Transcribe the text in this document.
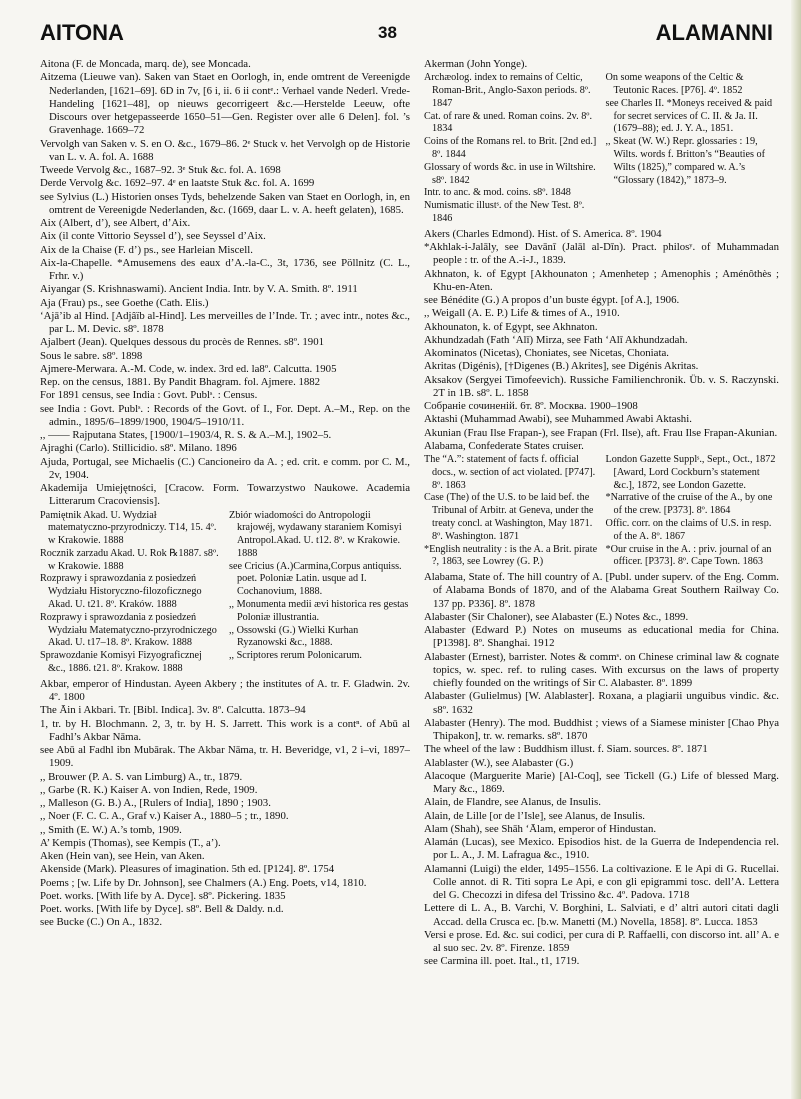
AITONA	38	ALAMANNI

Aitona (F. de Moncada, marq. de), see Moncada.

Aitzema (Lieuwe van). Saken van Staet en Oorlogh, in, ende omtrent de Vereenigde Nederlanden, [1621–69]. 6D in 7v, [6 i, ii. 6 ii contᵉ.: Verhael vande Nederl. Vrede-Handeling [1621–48], op nieuws gecorrigeert &c.—Herstelde Leeuw, ofte Discours over hetgepasseerde 1650–51—Gen. Register over alle 6 Delen]. fol. ’s Gravenhage. 1669–72

Vervolgh van Saken v. S. en O. &c., 1679–86. 2ᵉ Stuck v. het Vervolgh op de Historie van L. v. A. fol. A. 1688

Tweede Vervolg &c., 1687–92. 3ᵉ Stuk &c. fol. A. 1698

Derde Vervolg &c. 1692–97. 4ᵉ en laatste Stuk &c. fol. A. 1699

see Sylvius (L.) Historien onses Tyds, behelzende Saken van Staet en Oorlogh, in, en omtrent de Vereenigde Nederlanden, &c. (1669, daar L. v. A. heeft gelaten), 1685.

Aix (Albert, d’), see Albert, d’Aix.

Aix (il conte Vittorio Seyssel d’), see Seyssel d’Aix.

Aix de la Chaise (F. d’) ps., see Harleian Miscell.

Aix-la-Chapelle. *Amusemens des eaux d’A.-la-C., 3t, 1736, see Pöllnitz (C. L., Frhr. v.)

Aiyangar (S. Krishnaswami). Ancient India. Intr. by V. A. Smith. 8º. 1911

Aja (Frau) ps., see Goethe (Cath. Elis.)

‘Ajā’ib al Hind. [Adjâïb al-Hind]. Les merveilles de l’Inde. Tr. ; avec intr., notes &c., par L. M. Devic. s8º. 1878

Ajalbert (Jean). Quelques dessous du procès de Rennes. s8º. 1901

Sous le sabre. s8º. 1898

Ajmere-Merwara. A.-M. Code, w. index. 3rd ed. la8º. Calcutta. 1905

Rep. on the census, 1881. By Pandit Bhagram. fol. Ajmere. 1882

For 1891 census, see India : Govt. Publˢ. : Census.

see India : Govt. Publˢ. : Records of the Govt. of I., For. Dept. A.–M., Rep. on the admin., 1895/6–1899/1900, 1904/5–1910/11.

,, —— Rajputana States, [1900/1–1903/4, R. S. & A.–M.], 1902–5.

Ajraghi (Carlo). Stillicidio. s8º. Milano. 1896

Ajuda, Portugal, see Michaelis (C.) Cancioneiro da A. ; ed. crit. e comm. por C. M., 2v, 1904.

Akademija Umiejętności, [Cracow. Form. Towarzystwo Naukowe. Academia Litterarum Cracoviensis].

Pamiętnik Akad. U. Wydział matematyczno-przyrodniczy. T14, 15. 4º. w Krakowie. 1888

Rocznik zarzadu Akad. U. Rok ℞1887. s8º. w Krakowie. 1888

Rozprawy i sprawozdania z posiedzeń Wydziału Historyczno-filozoficznego Akad. U. t21. 8º. Kraków. 1888

Rozprawy i sprawozdania z posiedzeń Wydziału Matematyczno-przyrodniczego Akad. U. t17–18. 8º. Krakow. 1888

Sprawozdanie Komisyi Fizyograficznej &c., 1886. t21. 8º. Krakow. 1888

Zbiór wiadomości do Antropologii krajowéj, wydawany staraniem Komisyi Antropol.Akad. U. t12. 8º. w Krakowie. 1888

see Cricius (A.)Carmina,Corpus antiquiss. poet. Poloniæ Latin. usque ad I. Cochanovium, 1888.

,, Monumenta medii ævi historica res gestas Poloniæ illustrantia.

,, Ossowski (G.) Wielki Kurhan Ryzanowski &c., 1888.

,, Scriptores rerum Polonicarum.

Akbar, emperor of Hindustan. Ayeen Akbery ; the institutes of A. tr. F. Gladwin. 2v. 4º. 1800

The Āin i Akbari. Tr. [Bibl. Indica]. 3v. 8º. Calcutta. 1873–94

1, tr. by H. Blochmann. 2, 3, tr. by H. S. Jarrett. This work is a contⁿ. of Abū al Fadhl’s Akbar Nāma.

see Abū al Fadhl ibn Mubārak. The Akbar Nāma, tr. H. Beveridge, v1, 2 i–vi, 1897–1909.

,, Brouwer (P. A. S. van Limburg) A., tr., 1879.

,, Garbe (R. K.) Kaiser A. von Indien, Rede, 1909.

,, Malleson (G. B.) A., [Rulers of India], 1890 ; 1903.

,, Noer (F. C. C. A., Graf v.) Kaiser A., 1880–5 ; tr., 1890.

,, Smith (E. W.) A.’s tomb, 1909.

A’ Kempis (Thomas), see Kempis (T., a’).

Aken (Hein van), see Hein, van Aken.

Akenside (Mark). Pleasures of imagination. 5th ed. [P124]. 8º. 1754

Poems ; [w. Life by Dr. Johnson], see Chalmers (A.) Eng. Poets, v14, 1810.

Poet. works. [With life by A. Dyce]. s8º. Pickering. 1835

Poet. works. [With life by Dyce]. s8º. Bell & Daldy. n.d.

see Bucke (C.) On A., 1832.

Akerman (John Yonge).

Archæolog. index to remains of Celtic, Roman-Brit., Anglo-Saxon periods. 8º. 1847

Cat. of rare & uned. Roman coins. 2v. 8º. 1834

Coins of the Romans rel. to Brit. [2nd ed.] 8º. 1844

Glossary of words &c. in use in Wiltshire. s8º. 1842

Intr. to anc. & mod. coins. s8º. 1848

Numismatic illustˢ. of the New Test. 8º. 1846

On some weapons of the Celtic & Teutonic Races. [P76]. 4º. 1852

see Charles II. *Moneys received & paid for secret services of C. II. & Ja. II. (1679–88); ed. J. Y. A., 1851.

,, Skeat (W. W.) Repr. glossaries : 19, Wilts. words f. Britton’s “Beauties of Wilts (1825),” compared w. A.’s “Glossary (1842),” 1873–9.

Akers (Charles Edmond). Hist. of S. America. 8º. 1904

*Akhlak-i-Jalāly, see Davānī (Jalāl al-Dīn). Pract. philosʸ. of Muhammadan people : tr. of the A.-i-J., 1839.

Akhnaton, k. of Egypt [Akhounaton ; Amenhetep ; Amenophis ; Aménôthès ; Khu-en-Aten.

see Bénédite (G.) A propos d’un buste égypt. [of A.], 1906.

,, Weigall (A. E. P.) Life & times of A., 1910.

Akhounaton, k. of Egypt, see Akhnaton.

Akhundzadah (Fath ‘Alī) Mirza, see Fath ‘Alī Akhundzadah.

Akominatos (Nicetas), Choniates, see Nicetas, Choniata.

Akritas (Digénis), [†Digenes (B.) Akrites], see Digénis Akritas.

Aksakov (Sergyei Timofeevich). Russiche Familienchronik. Üb. v. S. Raczynski. 2T in 1B. s8º. L. 1858

Собраніе сочиненій. 6т. 8º. Москва. 1900–1908

Aktashi (Muhammad Awabi), see Muhammed Awabi Aktashi.

Akunian (Frau Ilse Frapan-), see Frapan (Frl. Ilse), aft. Frau Ilse Frapan-Akunian.

Alabama, Confederate States cruiser.

The “A.”: statement of facts f. official docs., w. section of act violated. [P747]. 8º. 1863

Case (The) of the U.S. to be laid bef. the Tribunal of Arbitr. at Geneva, under the treaty concl. at Washington, May 1871. 8º. Washington. 1871

*English neutrality : is the A. a Brit. pirate ?, 1863, see Lowrey (G. P.)

London Gazette Supplˢ., Sept., Oct., 1872 [Award, Lord Cockburn’s statement &c.], 1872, see London Gazette.

*Narrative of the cruise of the A., by one of the crew. [P373]. 8º. 1864

Offic. corr. on the claims of U.S. in resp. of the A. 8º. 1867

*Our cruise in the A. : priv. journal of an officer. [P373]. 8º. Cape Town. 1863

Alabama, State of. The hill country of A. [Publ. under superv. of the Eng. Comm. of Alabama Bonds of 1870, and of the Alabama Great Southern Railway Co. 137 pp. P336]. 8º. 1878

Alabaster (Sir Chaloner), see Alabaster (E.) Notes &c., 1899.

Alabaster (Edward P.) Notes on museums as educational media for China. [P1398]. 8º. Shanghai. 1912

Alabaster (Ernest), barrister. Notes & commˢ. on Chinese criminal law & cognate topics, w. spec. ref. to ruling cases. With excursus on the laws of property chiefly founded on the writings of Sir C. Alabaster. 8º. 1899

Alabaster (Gulielmus) [W. Alablaster]. Roxana, a plagiarii unguibus vindic. &c. s8º. 1632

Alabaster (Henry). The mod. Buddhist ; views of a Siamese minister [Chao Phya Thipakon], tr. w. remarks. s8º. 1870

The wheel of the law : Buddhism illust. f. Siam. sources. 8º. 1871

Alablaster (W.), see Alabaster (G.)

Alacoque (Marguerite Marie) [Al-Coq], see Tickell (G.) Life of blessed Marg. Mary &c., 1869.

Alain, de Flandre, see Alanus, de Insulis.

Alain, de Lille [or de l’Isle], see Alanus, de Insulis.

Alam (Shah), see Shāh ‘Ālam, emperor of Hindustan.

Alamán (Lucas), see Mexico. Episodios hist. de la Guerra de Independencia rel. por L. A., J. M. Lafragua &c., 1910.

Alamanni (Luigi) the elder, 1495–1556. La coltivazione. E le Api di G. Rucellai. Colle annot. di R. Titi sopra Le Api, e con gli epigrammi tosc. dell’A. Lettera del G. Checozzi in difesa del Trissino &c. 4º. Padova. 1718

Lettere di L. A., B. Varchi, V. Borghini, L. Salviati, e d’ altri autori citati dagli Accad. della Crusca ec. [b.w. Manetti (M.) Novella, 1858]. 8º. Lucca. 1853

Versi e prose. Ed. &c. sui codici, per cura di P. Raffaelli, con discorso int. all’ A. e al suo sec. 2v. 8º. Firenze. 1859

see Carmina ill. poet. Ital., t1, 1719.
